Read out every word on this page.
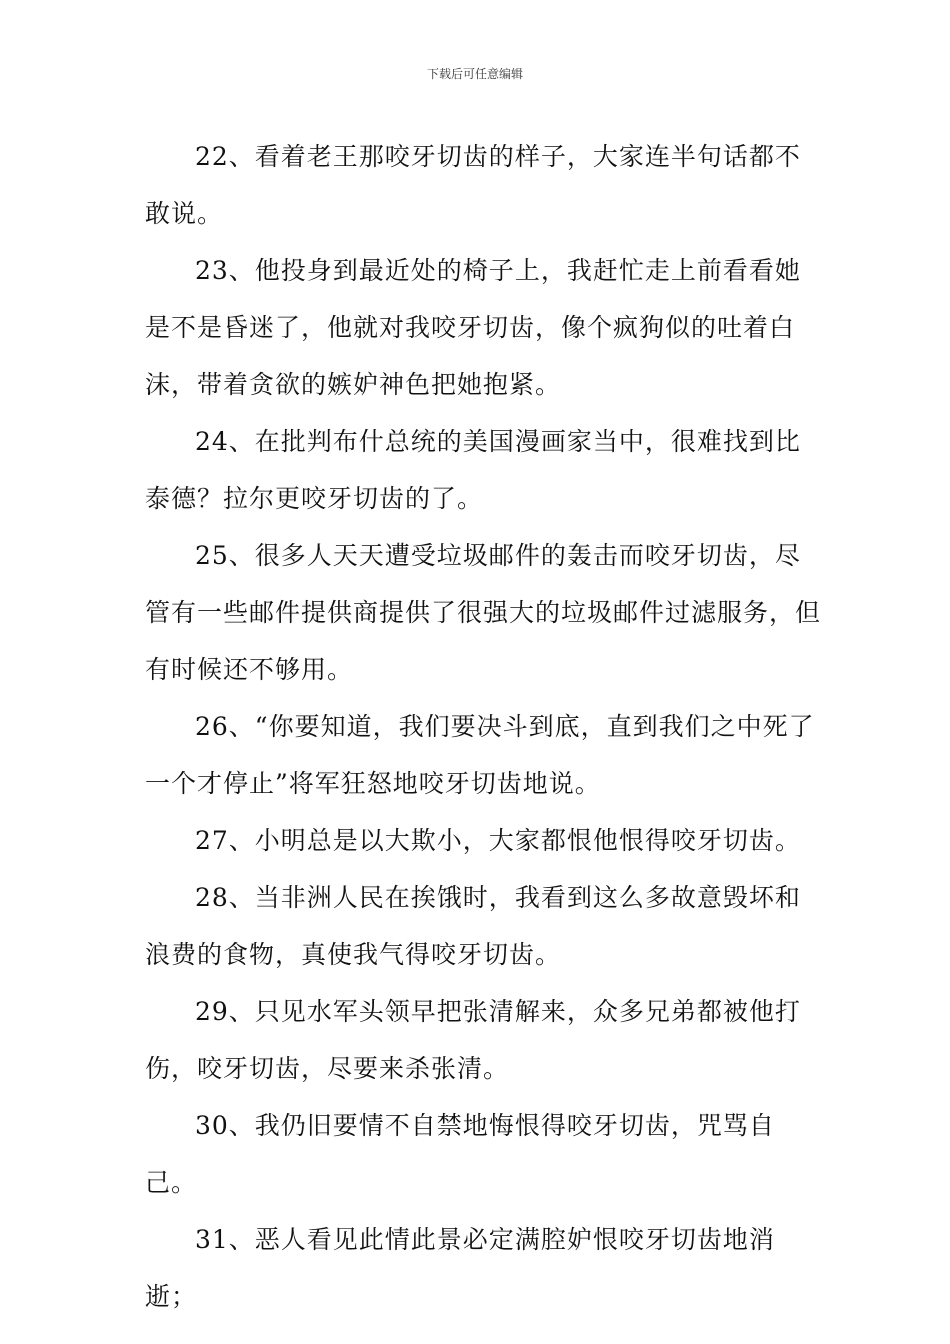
下载后可任意编辑

22、看着老王那咬牙切齿的样子，大家连半句话都不敢说。

23、他投身到最近处的椅子上，我赶忙走上前看看她是不是昏迷了，他就对我咬牙切齿，像个疯狗似的吐着白沫，带着贪欲的嫉妒神色把她抱紧。

24、在批判布什总统的美国漫画家当中，很难找到比泰德？拉尔更咬牙切齿的了。

25、很多人天天遭受垃圾邮件的轰击而咬牙切齿，尽管有一些邮件提供商提供了很强大的垃圾邮件过滤服务，但有时候还不够用。

26、“你要知道，我们要决斗到底，直到我们之中死了一个才停止”将军狂怒地咬牙切齿地说。

27、小明总是以大欺小，大家都恨他恨得咬牙切齿。

28、当非洲人民在挨饿时，我看到这么多故意毁坏和浪费的食物，真使我气得咬牙切齿。

29、只见水军头领早把张清解来，众多兄弟都被他打伤，咬牙切齿，尽要来杀张清。

30、我仍旧要情不自禁地悔恨得咬牙切齿，咒骂自己。

31、恶人看见此情此景必定满腔妒恨咬牙切齿地消逝；
